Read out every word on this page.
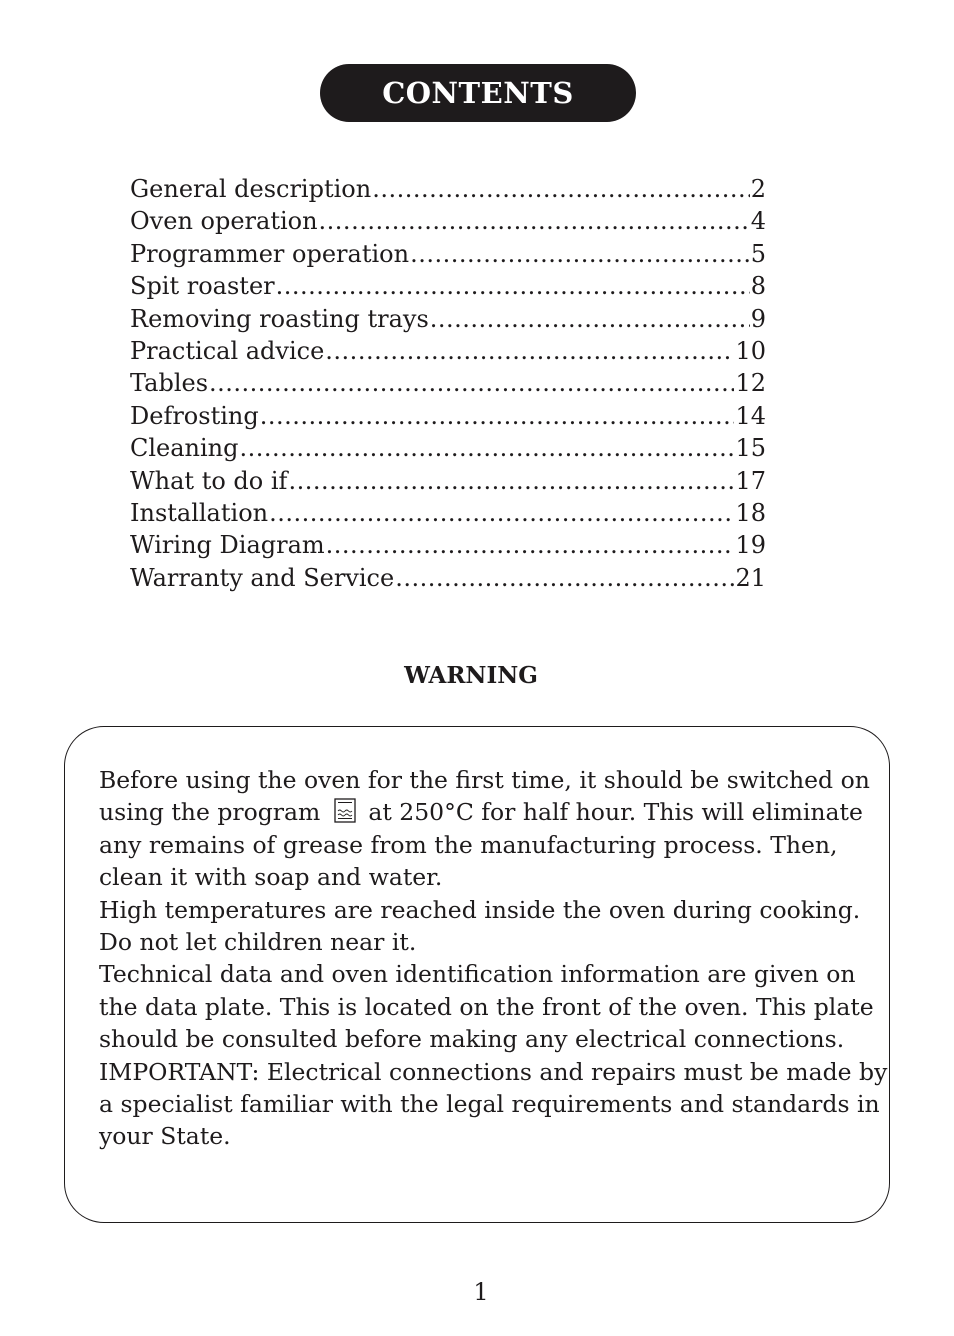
CONTENTS
General description .....	2
Oven operation .....	4
Programmer operation .....	5
Spit roaster .....	8
Removing roasting trays .....	9
Practical advice .....	10
Tables .....	12
Defrosting .....	14
Cleaning .....	15
What to do if .....	17
Installation .....	18
Wiring Diagram .....	19
Warranty and Service .....	21
WARNING

Before using the oven for the first time, it should be switched on using the program at 250°C for half hour. This will eliminate any remains of grease from the manufacturing process. Then, clean it with soap and water.

High temperatures are reached inside the oven during cooking. Do not let children near it.

Technical data and oven identification information are given on the data plate. This is located on the front of the oven. This plate should be consulted before making any electrical connections.

IMPORTANT: Electrical connections and repairs must be made by a specialist familiar with the legal requirements and standards in your State.

1
